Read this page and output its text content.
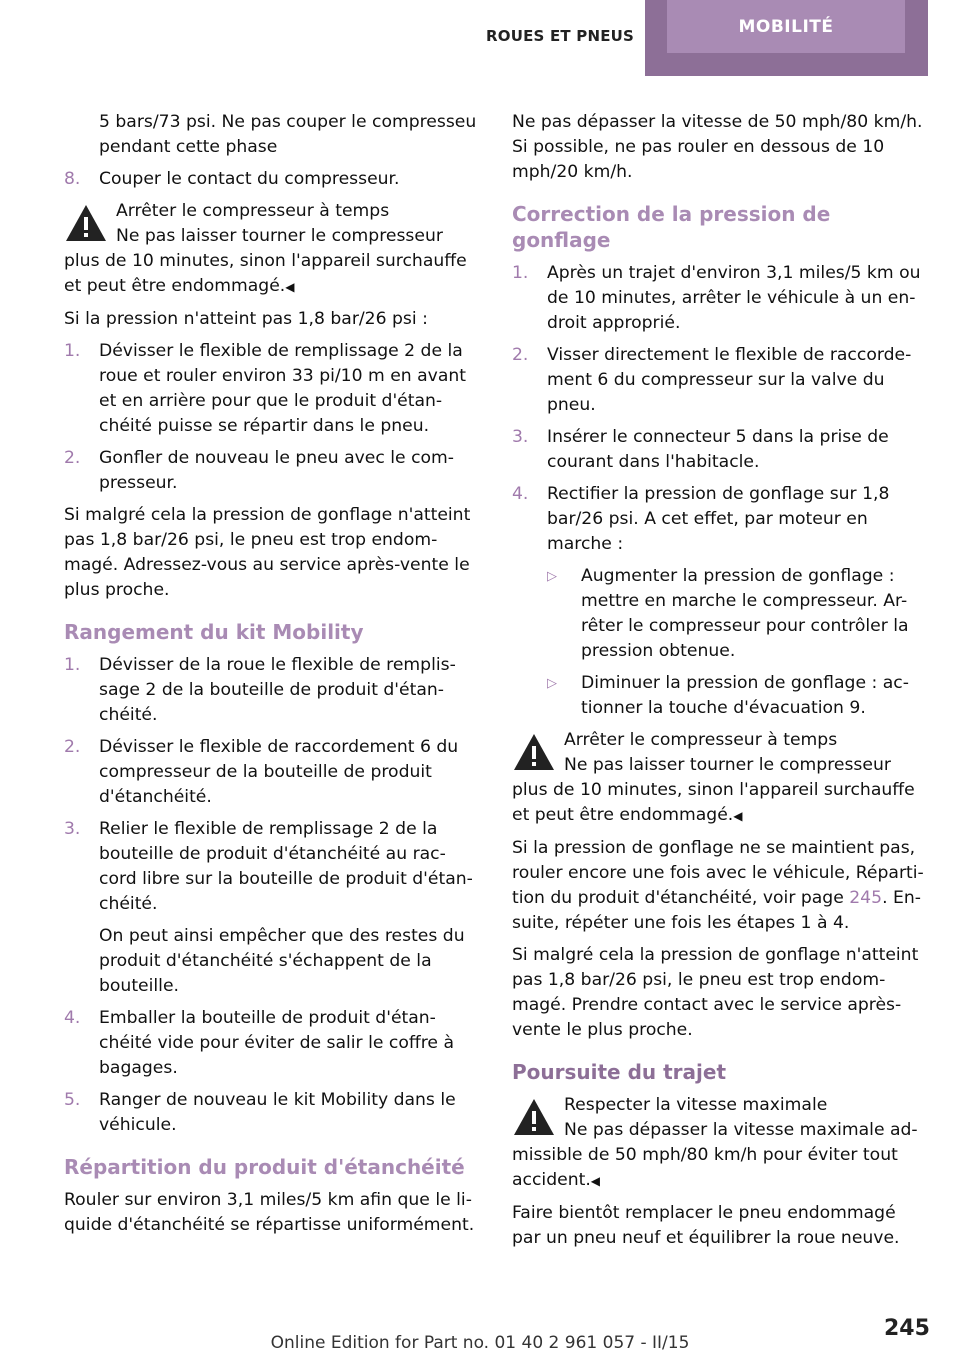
ROUES ET PNEUS	MOBILITÉ
5 bars/73 psi. Ne pas couper le compresseu pendant cette phase
8.	Couper le contact du compresseur.
Arrêter le compresseur à temps
Ne pas laisser tourner le compresseur plus de 10 minutes, sinon l'appareil surchauffe et peut être endommagé.◀

Si la pression n'atteint pas 1,8 bar/26 psi :

1.	Dévisser le flexible de remplissage 2 de la roue et rouler environ 33 pi/10 m en avant et en arrière pour que le produit d'étan-chéité puisse se répartir dans le pneu.
2.	Gonfler de nouveau le pneu avec le com-presseur.

Si malgré cela la pression de gonflage n'atteint pas 1,8 bar/26 psi, le pneu est trop endom-magé. Adressez-vous au service après-vente le plus proche.

Rangement du kit Mobility
1.	Dévisser de la roue le flexible de remplis-sage 2 de la bouteille de produit d'étan-chéité.
2.	Dévisser le flexible de raccordement 6 du compresseur de la bouteille de produit d'étanchéité.
3.	Relier le flexible de remplissage 2 de la bouteille de produit d'étanchéité au rac-cord libre sur la bouteille de produit d'étan-chéité.
On peut ainsi empêcher que des restes du produit d'étanchéité s'échappent de la bouteille.
4.	Emballer la bouteille de produit d'étan-chéité vide pour éviter de salir le coffre à bagages.
5.	Ranger de nouveau le kit Mobility dans le véhicule.
Répartition du produit d'étanchéité

Rouler sur environ 3,1 miles/5 km afin que le li-quide d'étanchéité se répartisse uniformément.

Ne pas dépasser la vitesse de 50 mph/80 km/h. Si possible, ne pas rouler en dessous de 10 mph/20 km/h.

Correction de la pression de gonflage
1.	Après un trajet d'environ 3,1 miles/5 km ou de 10 minutes, arrêter le véhicule à un en-droit approprié.
2.	Visser directement le flexible de raccorde-ment 6 du compresseur sur la valve du pneu.
3.	Insérer le connecteur 5 dans la prise de courant dans l'habitacle.
4.	Rectifier la pression de gonflage sur 1,8 bar/26 psi. A cet effet, par moteur en marche :
▷	Augmenter la pression de gonflage : mettre en marche le compresseur. Ar-rêter le compresseur pour contrôler la pression obtenue.
▷	Diminuer la pression de gonflage : ac-tionner la touche d'évacuation 9.
Arrêter le compresseur à temps
Ne pas laisser tourner le compresseur plus de 10 minutes, sinon l'appareil surchauffe et peut être endommagé.◀

Si la pression de gonflage ne se maintient pas, rouler encore une fois avec le véhicule, Réparti-tion du produit d'étanchéité, voir page 245. En-suite, répéter une fois les étapes 1 à 4.

Si malgré cela la pression de gonflage n'atteint pas 1,8 bar/26 psi, le pneu est trop endom-magé. Prendre contact avec le service après-vente le plus proche.

Poursuite du trajet
Respecter la vitesse maximale
Ne pas dépasser la vitesse maximale ad-missible de 50 mph/80 km/h pour éviter tout accident.◀

Faire bientôt remplacer le pneu endommagé par un pneu neuf et équilibrer la roue neuve.

245
Online Edition for Part no. 01 40 2 961 057 - II/15
